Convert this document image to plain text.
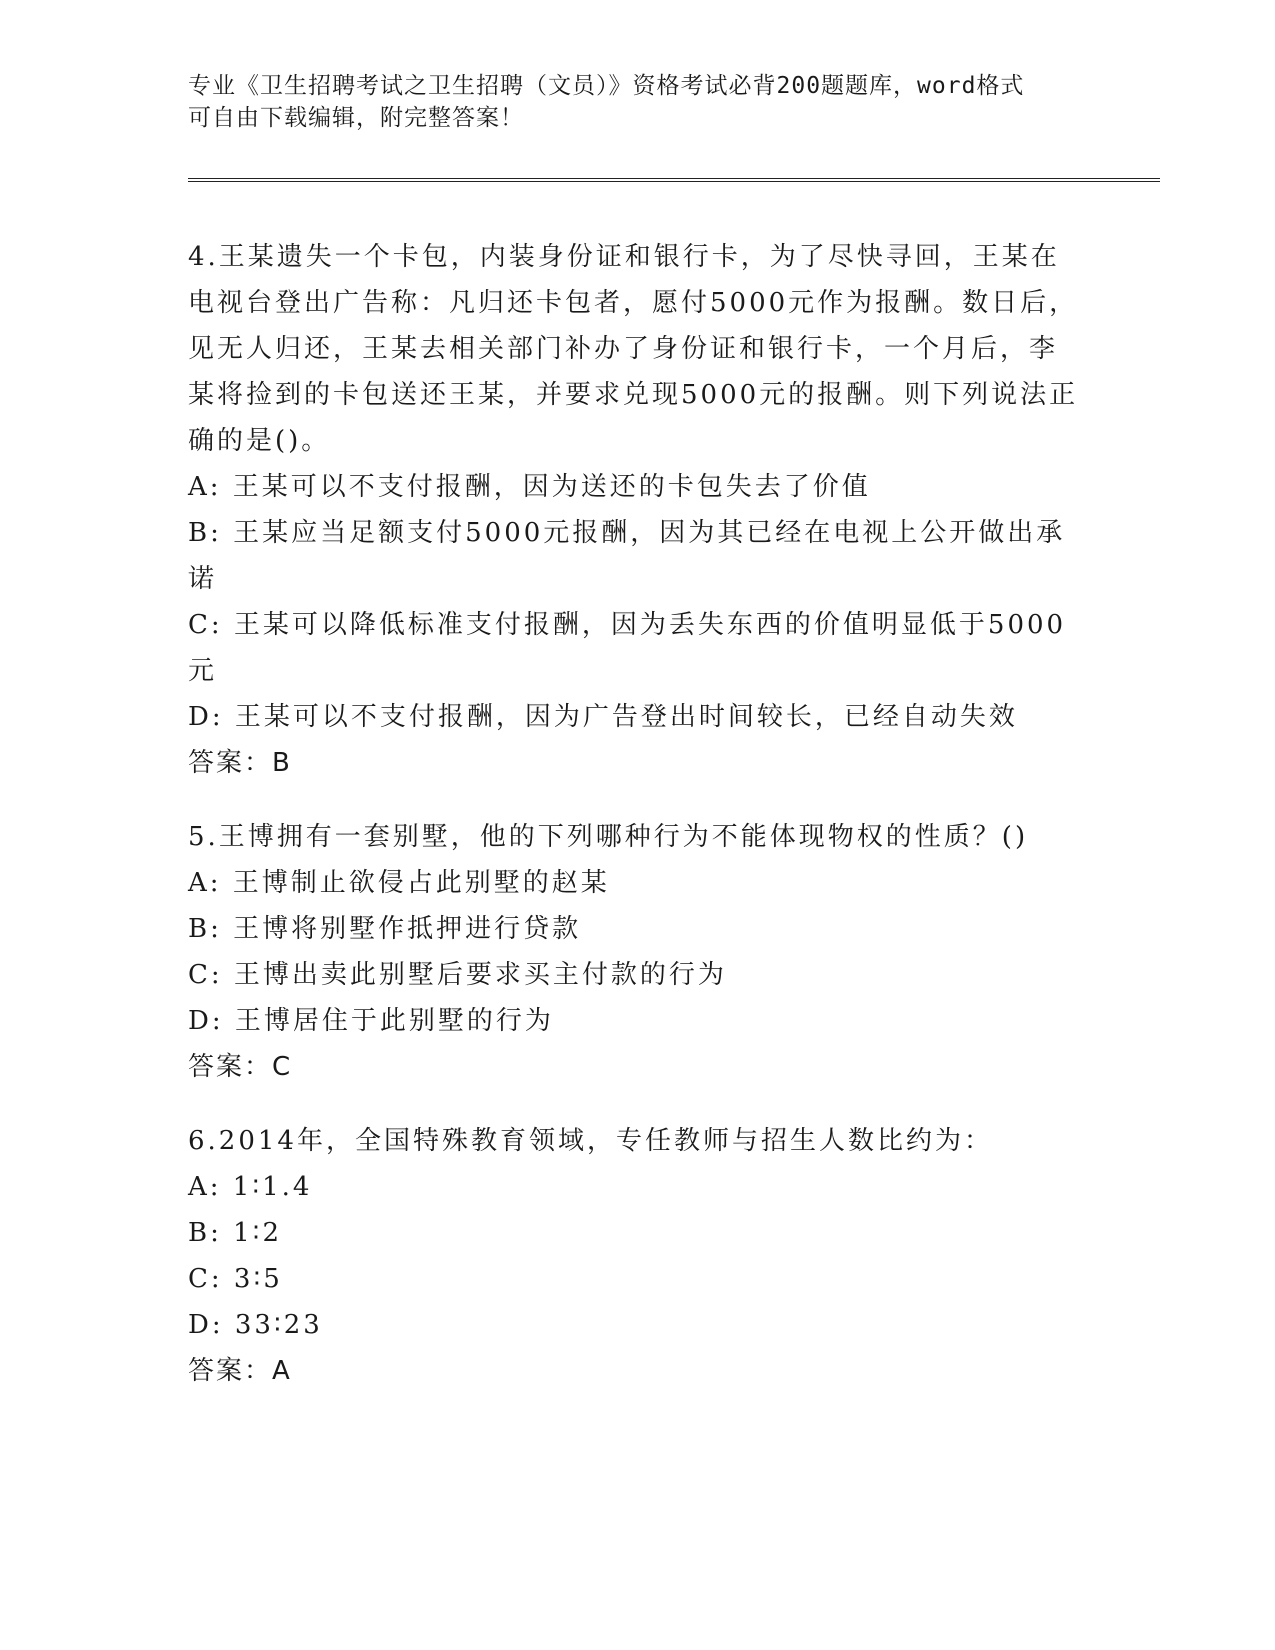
专业《卫生招聘考试之卫生招聘（文员）》资格考试必背200题题库，word格式
可自由下载编辑，附完整答案！
4.王某遗失一个卡包，内装身份证和银行卡，为了尽快寻回，王某在
电视台登出广告称：凡归还卡包者，愿付5000元作为报酬。数日后，
见无人归还，王某去相关部门补办了身份证和银行卡，一个月后，李
某将捡到的卡包送还王某，并要求兑现5000元的报酬。则下列说法正
确的是()。
A: 王某可以不支付报酬，因为送还的卡包失去了价值
B: 王某应当足额支付5000元报酬，因为其已经在电视上公开做出承
诺
C: 王某可以降低标准支付报酬，因为丢失东西的价值明显低于5000
元
D: 王某可以不支付报酬，因为广告登出时间较长，已经自动失效
答案：B
5.王博拥有一套别墅，他的下列哪种行为不能体现物权的性质？()
A: 王博制止欲侵占此别墅的赵某
B: 王博将别墅作抵押进行贷款
C: 王博出卖此别墅后要求买主付款的行为
D: 王博居住于此别墅的行为
答案：C
6.2014年，全国特殊教育领域，专任教师与招生人数比约为：
A: 1∶1.4
B: 1∶2
C: 3∶5
D: 33∶23
答案：A
